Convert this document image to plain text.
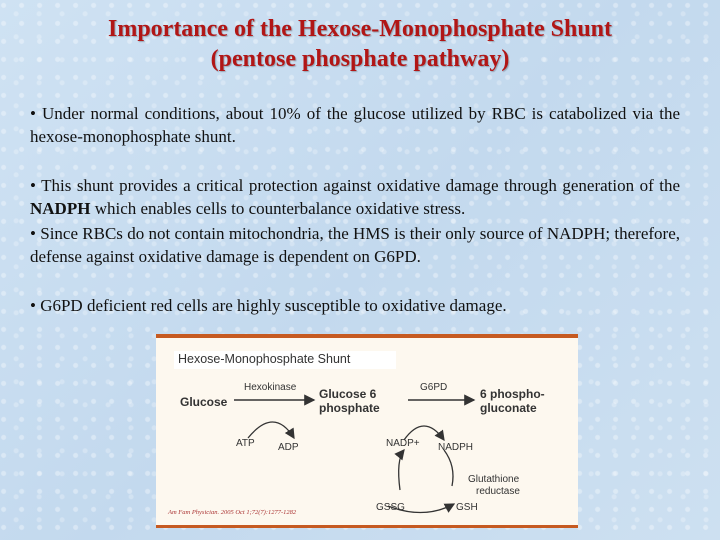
Importance of the Hexose-Monophosphate Shunt
(pentose phosphate pathway)
• Under normal conditions, about 10% of the glucose utilized by RBC is catabolized via the hexose-monophosphate shunt.
• This shunt provides a critical protection against oxidative damage through generation of the NADPH which enables cells to counterbalance oxidative stress.
• Since RBCs do not contain mitochondria, the HMS is their only source of NADPH; therefore, defense against oxidative damage is dependent on G6PD.
• G6PD deficient red cells are highly susceptible to oxidative damage.
Hexose-Monophosphate Shunt
Glucose
Hexokinase Glucose 6
phosphate
G6PD	6 phospho-
gluconate
ATP ADP	NADP+ NADPH
Glutathione
reductase
GSSG	GSH
Am Fam Physician. 2005 Oct 1;72(7):1277-1282
